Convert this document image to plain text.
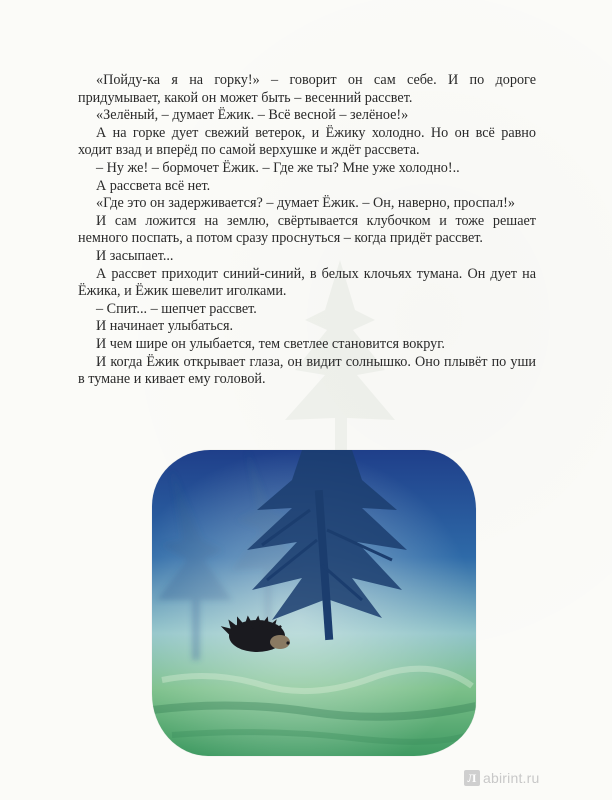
«Пойду-ка я на горку!» – говорит он сам себе. И по дороге придумывает, какой он может быть – весенний рассвет.

«Зелёный, – думает Ёжик. – Всё весной – зелёное!»

А на горке дует свежий ветерок, и Ёжику холодно. Но он всё равно ходит взад и вперёд по самой верхушке и ждёт рассвета.

– Ну же! – бормочет Ёжик. – Где же ты? Мне уже холодно!..

А рассвета всё нет.

«Где это он задерживается? – думает Ёжик. – Он, наверно, проспал!»

И сам ложится на землю, свёртывается клубочком и тоже решает немного поспать, а потом сразу проснуться – когда придёт рассвет.

И засыпает...

А рассвет приходит синий-синий, в белых клочьях тумана. Он дует на Ёжика, и Ёжик шевелит иголками.

– Спит... – шепчет рассвет.

И начинает улыбаться.

И чем шире он улыбается, тем светлее становится вокруг.

И когда Ёжик открывает глаза, он видит солнышко. Оно плывёт по уши в тумане и кивает ему головой.

Л abirint.ru
